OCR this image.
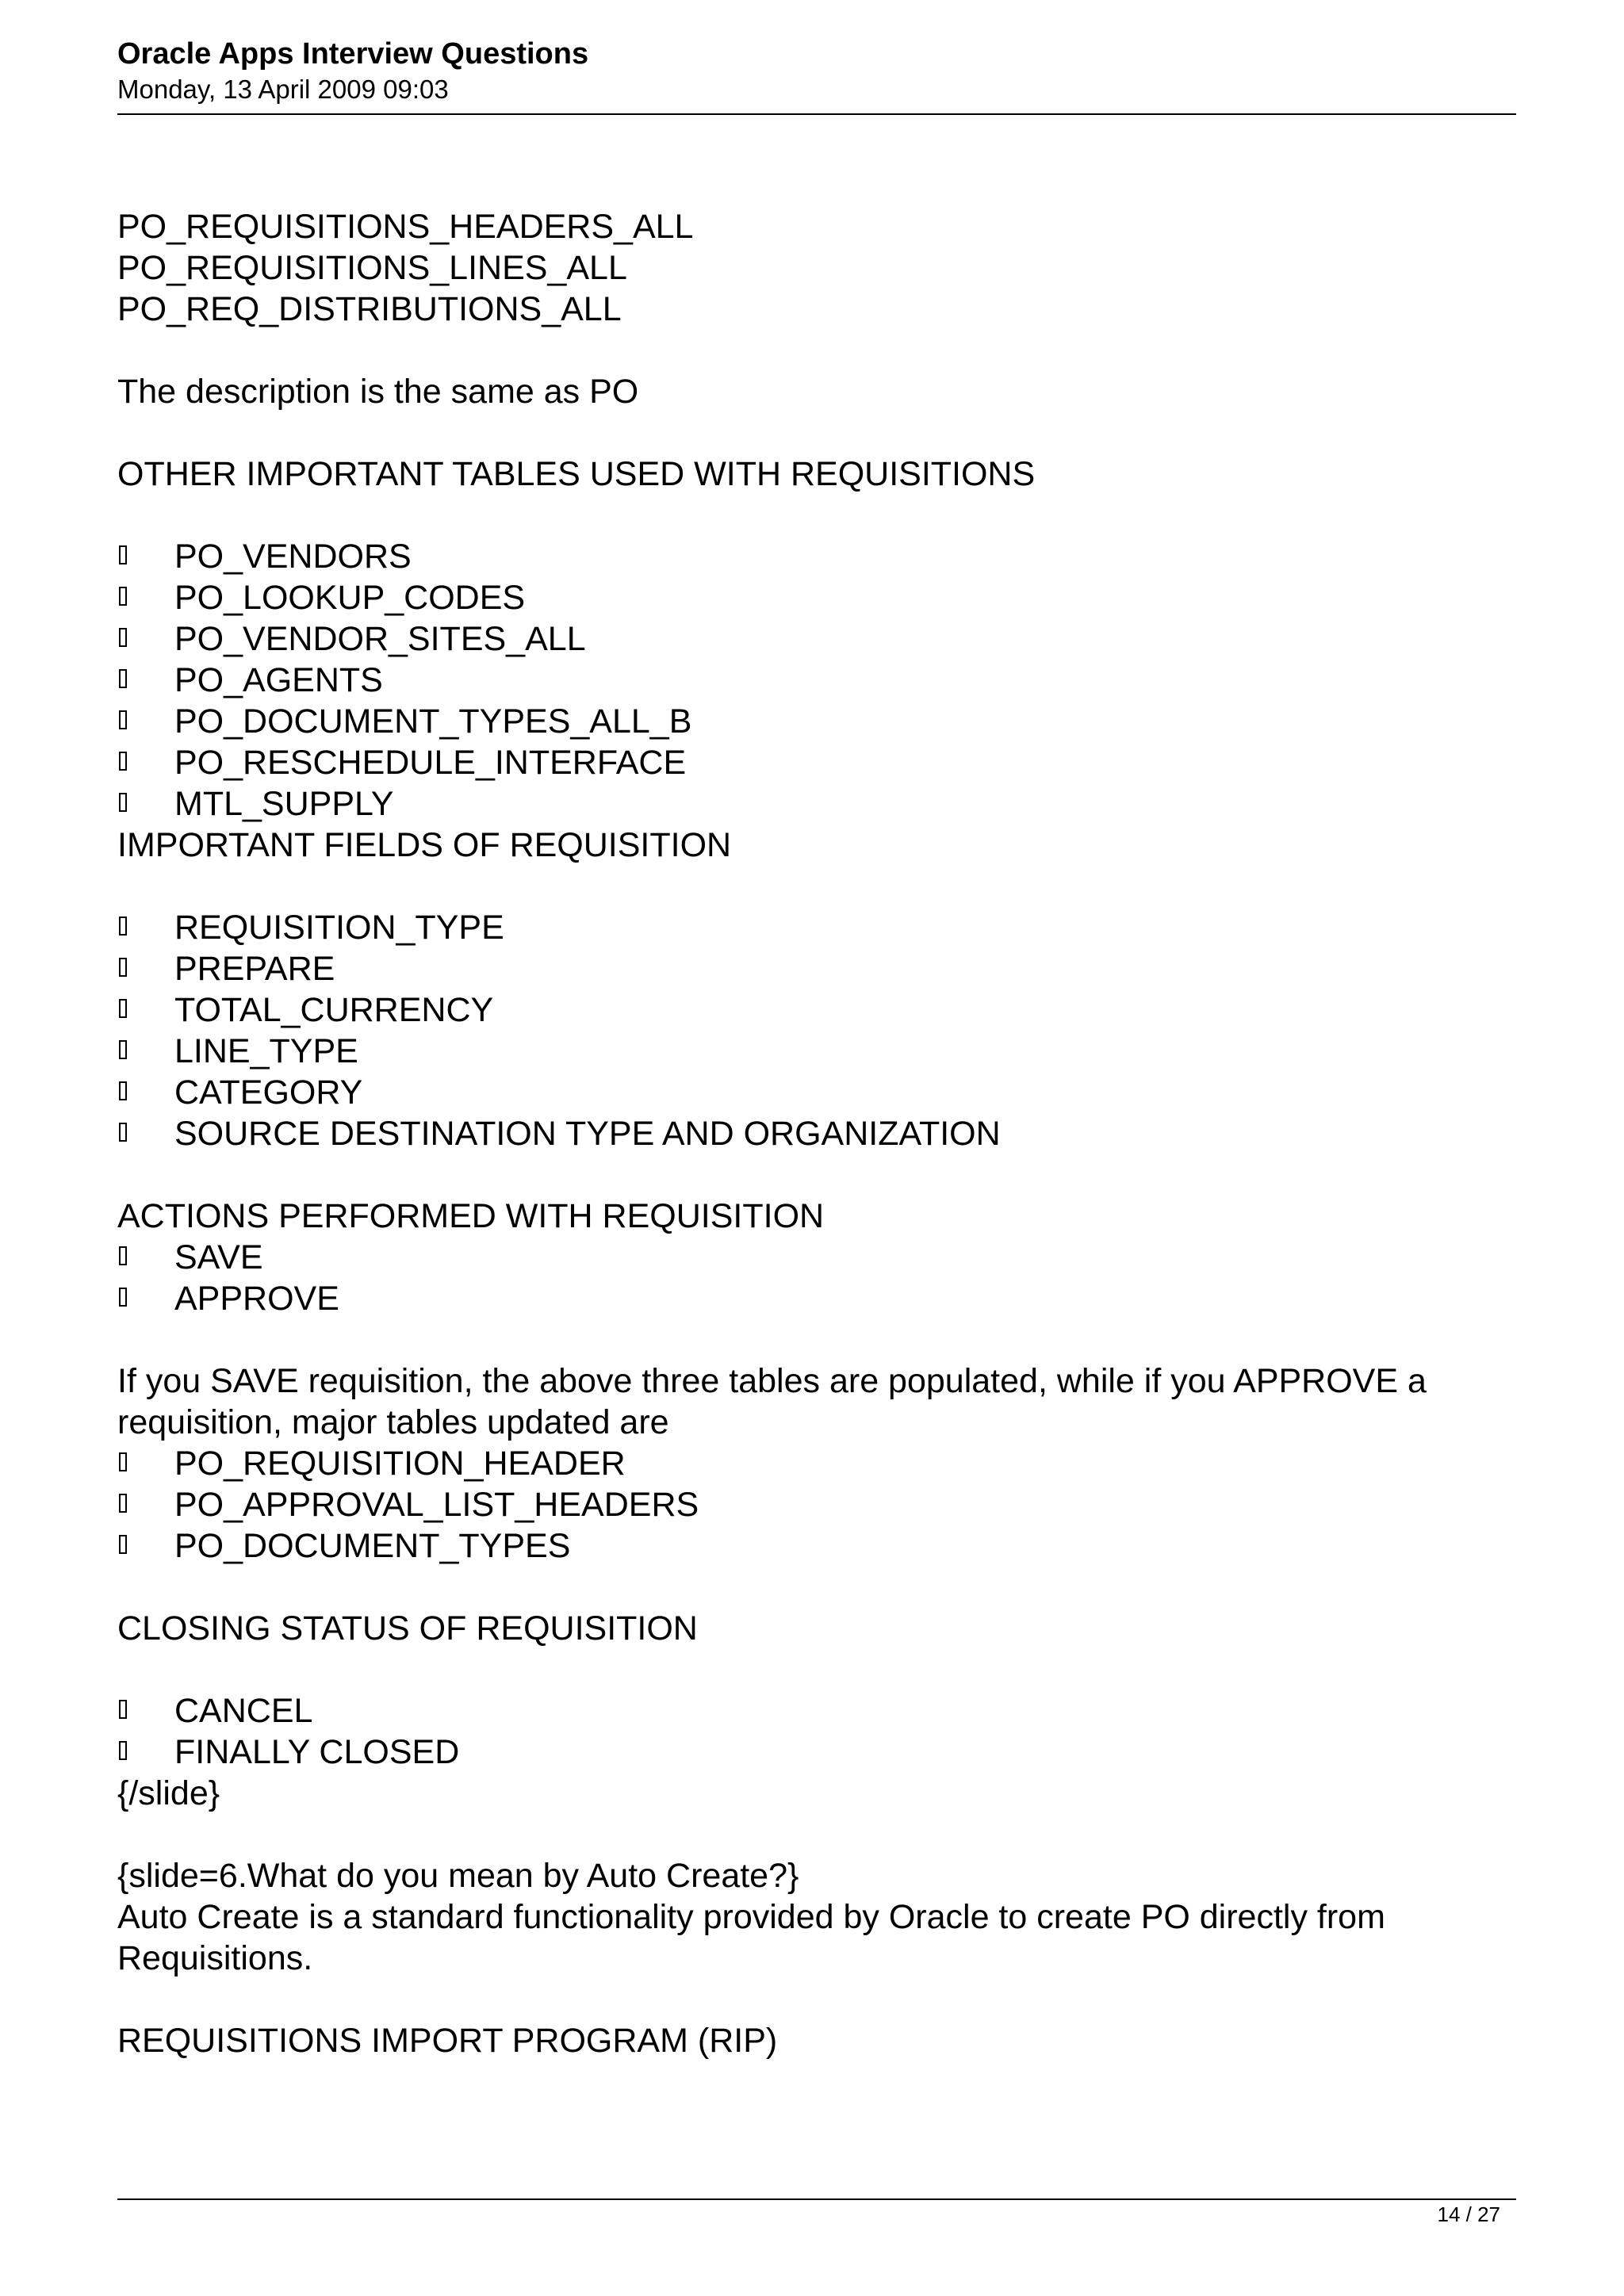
Oracle Apps Interview Questions
Monday, 13 April 2009 09:03
PO_REQUISITIONS_HEADERS_ALL
PO_REQUISITIONS_LINES_ALL
PO_REQ_DISTRIBUTIONS_ALL
The description is the same as PO
OTHER IMPORTANT TABLES USED WITH REQUISITIONS
PO_VENDORS
PO_LOOKUP_CODES
PO_VENDOR_SITES_ALL
PO_AGENTS
PO_DOCUMENT_TYPES_ALL_B
PO_RESCHEDULE_INTERFACE
MTL_SUPPLY
IMPORTANT FIELDS OF REQUISITION
REQUISITION_TYPE
PREPARE
TOTAL_CURRENCY
LINE_TYPE
CATEGORY
SOURCE DESTINATION TYPE AND ORGANIZATION
ACTIONS PERFORMED WITH REQUISITION
SAVE
APPROVE
If you SAVE requisition, the above three tables are populated, while if you APPROVE a
requisition, major tables updated are
PO_REQUISITION_HEADER
PO_APPROVAL_LIST_HEADERS
PO_DOCUMENT_TYPES
CLOSING STATUS OF REQUISITION
CANCEL
FINALLY CLOSED
{/slide}
{slide=6.What do you mean by Auto Create?}
Auto Create is a standard functionality provided by Oracle to create PO directly from
Requisitions.
REQUISITIONS IMPORT PROGRAM (RIP)
14 / 27
